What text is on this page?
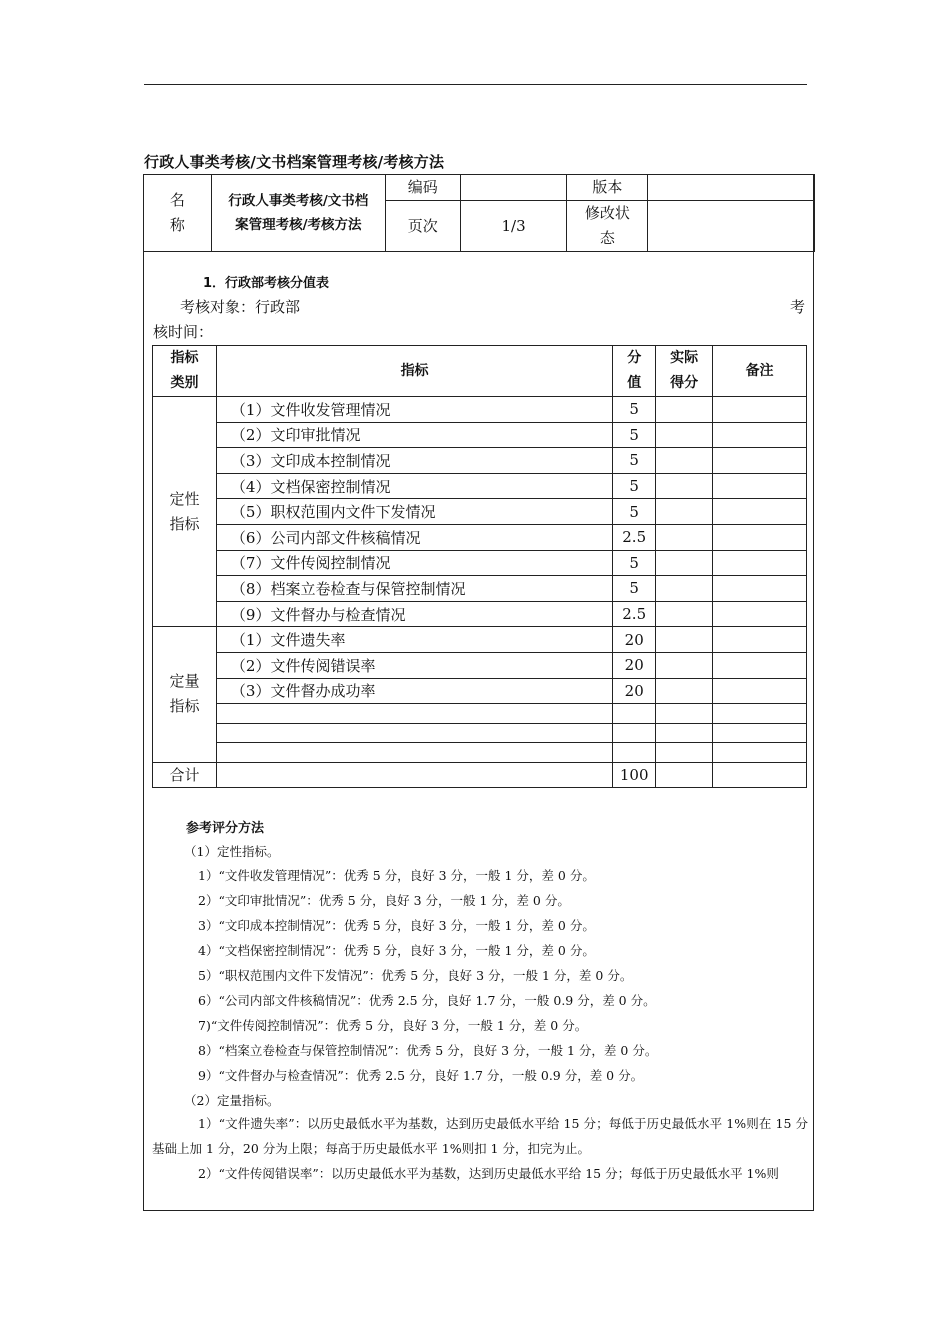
行政人事类考核/文书档案管理考核/考核方法
名
称	行政人事类考核/文书档案管理考核/考核方法	编码		版本	
		页次	1/3	修改状态	
1．行政部考核分值表
考核对象：行政部	考
核时间：
指标类别	指标	分值	实际得分	备注
定性指标	（1）文件收发管理情况	5		
	（2）文印审批情况	5		
	（3）文印成本控制情况	5		
	（4）文档保密控制情况	5		
	（5）职权范围内文件下发情况	5		
	（6）公司内部文件核稿情况	2.5		
	（7）文件传阅控制情况	5		
	（8）档案立卷检查与保管控制情况	5		
	（9）文件督办与检查情况	2.5		
定量指标	（1）文件遗失率	20		
	（2）文件传阅错误率	20		
	（3）文件督办成功率	20		

合计		100		
参考评分方法
（1）定性指标。
1）“文件收发管理情况”：优秀 5 分，良好 3 分，一般 1 分，差 0 分。
2）“文印审批情况”：优秀 5 分，良好 3 分，一般 1 分，差 0 分。
3）“文印成本控制情况”：优秀 5 分，良好 3 分，一般 1 分，差 0 分。
4）“文档保密控制情况”：优秀 5 分，良好 3 分，一般 1 分，差 0 分。
5）“职权范围内文件下发情况”：优秀 5 分，良好 3 分，一般 1 分，差 0 分。
6）“公司内部文件核稿情况”：优秀 2.5 分，良好 1.7 分，一般 0.9 分，差 0 分。
7)“文件传阅控制情况”：优秀 5 分，良好 3 分，一般 1 分，差 0 分。
8）“档案立卷检查与保管控制情况”：优秀 5 分，良好 3 分，一般 1 分，差 0 分。
9）“文件督办与检查情况”：优秀 2.5 分，良好 1.7 分，一般 0.9 分，差 0 分。
（2）定量指标。
1）“文件遗失率”：以历史最低水平为基数，达到历史最低水平给 15 分；每低于历史最低水平 1%则在 15 分基础上加 1 分，20 分为上限；每高于历史最低水平 1%则扣 1 分，扣完为止。
2）“文件传阅错误率”：以历史最低水平为基数，达到历史最低水平给 15 分；每低于历史最低水平 1%则
